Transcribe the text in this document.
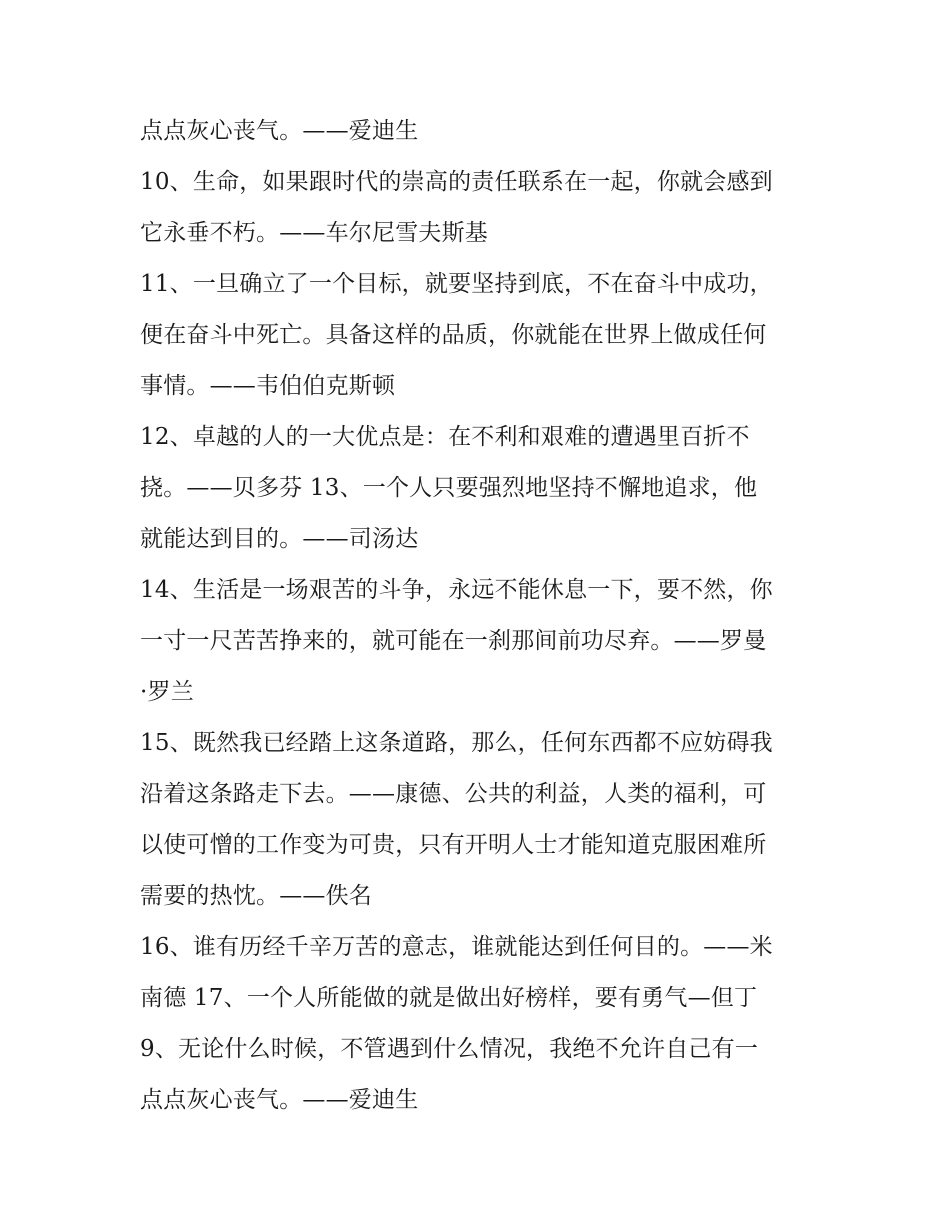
点点灰心丧气。——爱迪生
10、生命，如果跟时代的崇高的责任联系在一起，你就会感到
它永垂不朽。——车尔尼雪夫斯基
11、一旦确立了一个目标，就要坚持到底，不在奋斗中成功，
便在奋斗中死亡。具备这样的品质，你就能在世界上做成任何
事情。——韦伯伯克斯顿
12、卓越的人的一大优点是：在不利和艰难的遭遇里百折不
挠。——贝多芬 13、一个人只要强烈地坚持不懈地追求，他
就能达到目的。——司汤达
14、生活是一场艰苦的斗争，永远不能休息一下，要不然，你
一寸一尺苦苦挣来的，就可能在一刹那间前功尽弃。——罗曼
·罗兰
15、既然我已经踏上这条道路，那么，任何东西都不应妨碍我
沿着这条路走下去。——康德、公共的利益，人类的福利，可
以使可憎的工作变为可贵，只有开明人士才能知道克服困难所
需要的热忱。——佚名
16、谁有历经千辛万苦的意志，谁就能达到任何目的。——米
南德 17、一个人所能做的就是做出好榜样，要有勇气—但丁
9、无论什么时候，不管遇到什么情况，我绝不允许自己有一
点点灰心丧气。——爱迪生
